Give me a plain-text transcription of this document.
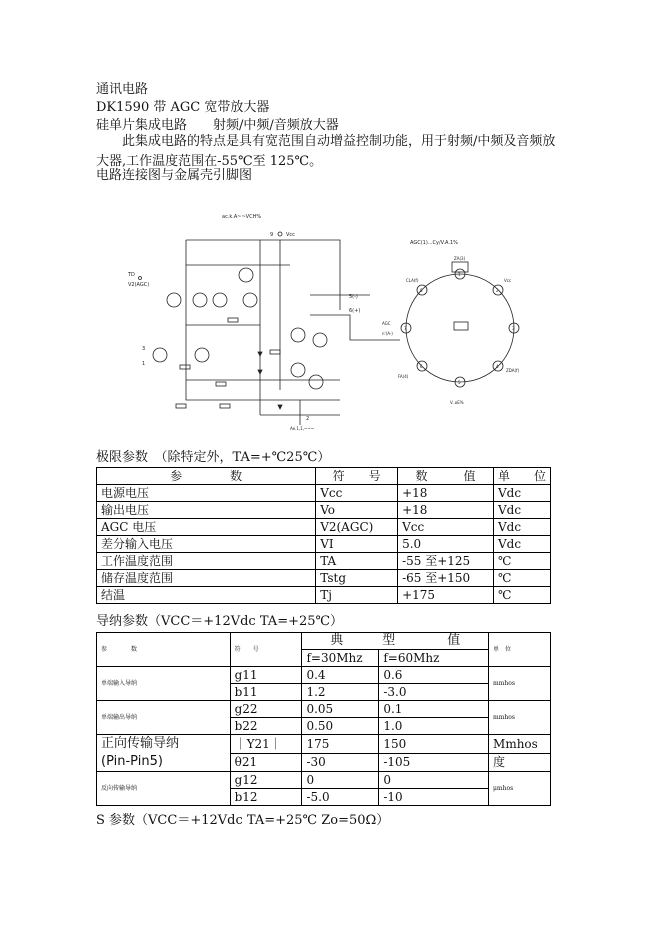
通讯电路
DK1590 带 AGC 宽带放大器
硅单片集成电路　　射频/中频/音频放大器
此集成电路的特点是具有宽范围自动增益控制功能，用于射频/中频及音频放大器,工作温度范围在-55℃至 125℃。
电路连接图与金属壳引脚图
ac.k.A~~VCH%
9	Vcc
TD
V2(AGC)
5(-)
6(+)
2
3
1
Ae.1,1,~~~
AGC(1)...Cy/V.A.1%
1
2
3
4
5
6
7
8
CLA(f)
ZA(3)
Vcc
AGC
n'(A-)
FA(4)
ZDA(f)
V..oE%
极限参数　（除特定外，TA=+℃25℃）
参　　　　数	符　　号	数　　　值	单　　位
电源电压	Vcc	+18	Vdc
输出电压	Vo	+18	Vdc
AGC 电压	V2(AGC)	Vcc	Vdc
差分输入电压	VI	5.0	Vdc
工作温度范围	TA	-55 至+125	℃
储存温度范围	Tstg	-65 至+150	℃
结温	Tj	+175	℃
导纳参数（VCC＝+12Vdc TA=+25℃）
参　　　　数	符　　号	典　　　型　　　　值		单　位
		f=30Mhz	f=60Mhz	
单端输入导纳	g11	0.4	0.6	mmhos
	b11	1.2	-3.0	
单端输出导纳	g22	0.05	0.1	mmhos
	b22	0.50	1.0	

正向传输导纳
(Pin-Pin5)	｜Y21｜	175	150	Mmhos
	θ21	-30	-105	度
反向传输导纳	g12	0	0	μmhos
	b12	-5.0	-10	
S 参数（VCC＝+12Vdc TA=+25℃ Zo=50Ω）
